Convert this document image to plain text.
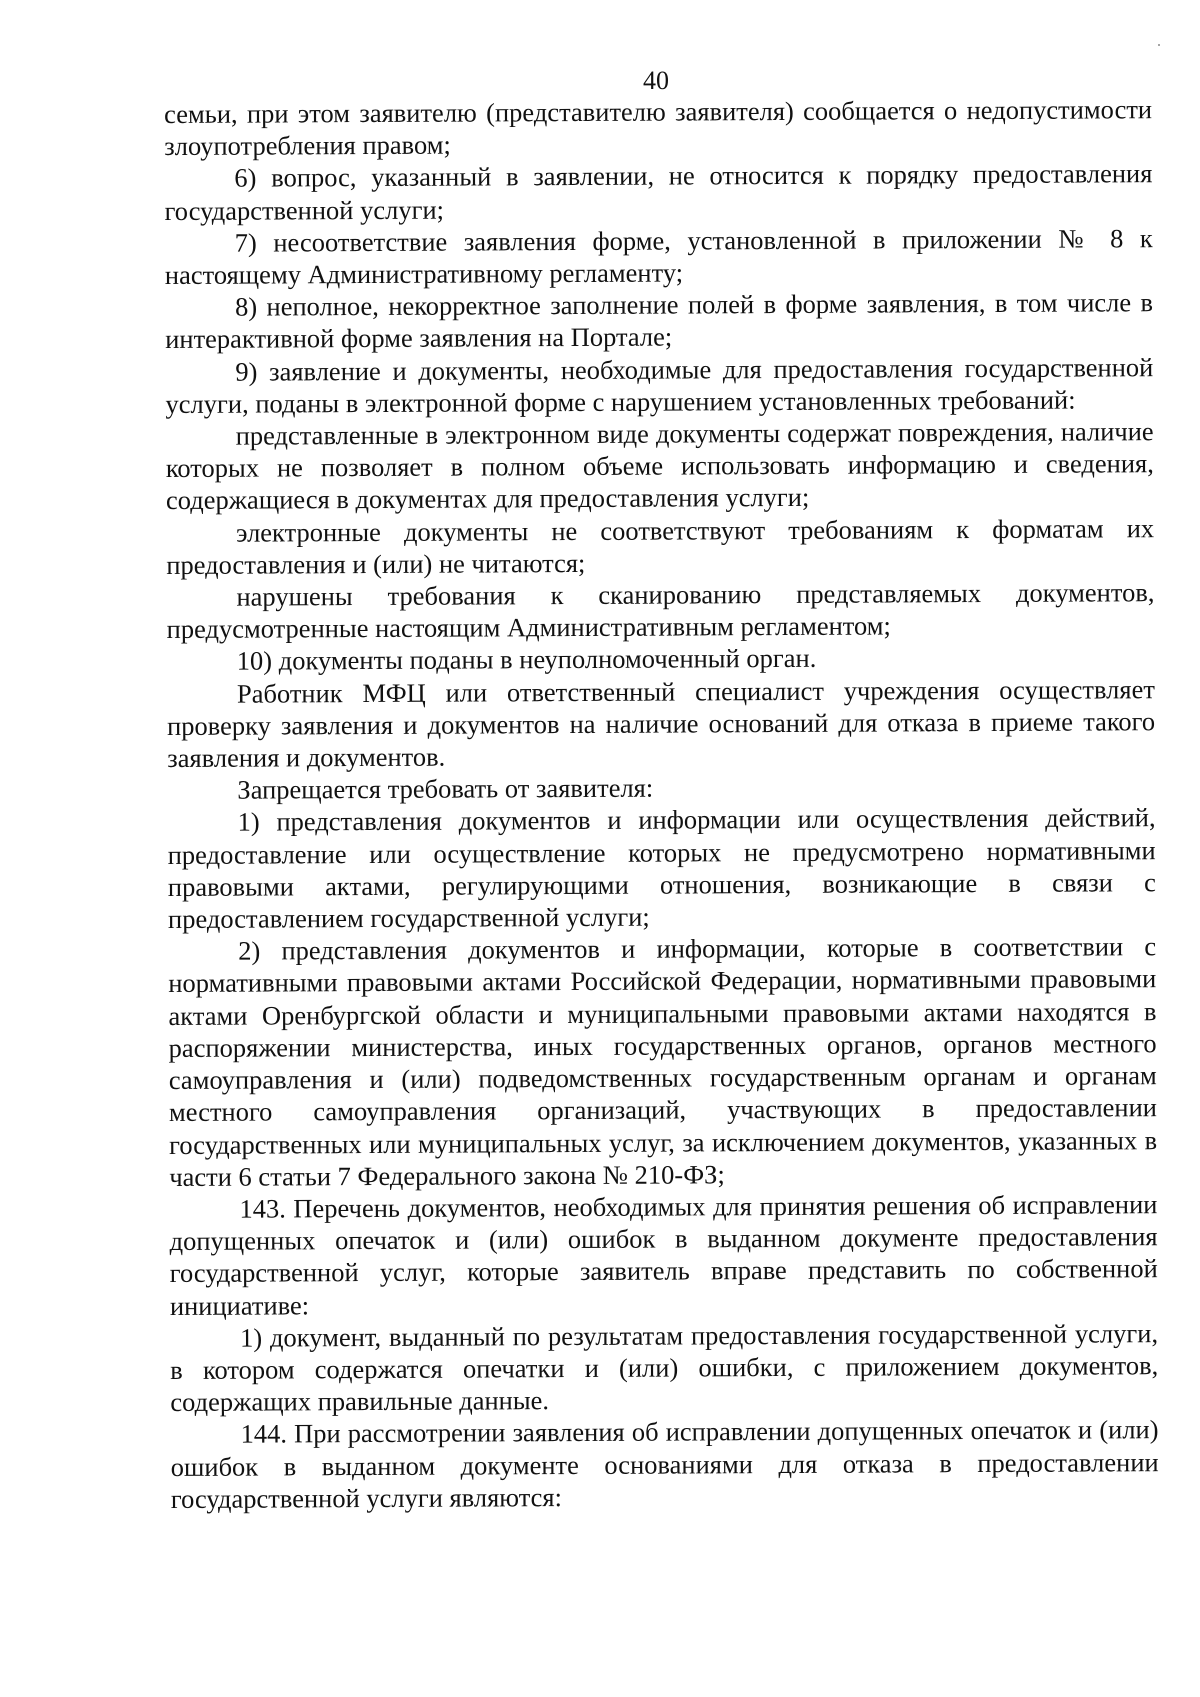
40

семьи, при этом заявителю (представителю заявителя) сообщается о недопустимости злоупотребления правом;

6) вопрос, указанный в заявлении, не относится к порядку предоставления государственной услуги;

7) несоответствие заявления форме, установленной в приложении № 8 к настоящему Административному регламенту;

8) неполное, некорректное заполнение полей в форме заявления, в том числе в интерактивной форме заявления на Портале;

9) заявление и документы, необходимые для предоставления государственной услуги, поданы в электронной форме с нарушением установленных требований:

представленные в электронном виде документы содержат повреждения, наличие которых не позволяет в полном объеме использовать информацию и сведения, содержащиеся в документах для предоставления услуги;

электронные документы не соответствуют требованиям к форматам их предоставления и (или) не читаются;

нарушены требования к сканированию представляемых документов, предусмотренные настоящим Административным регламентом;

10) документы поданы в неуполномоченный орган.

Работник МФЦ или ответственный специалист учреждения осуществляет проверку заявления и документов на наличие оснований для отказа в приеме такого заявления и документов.

Запрещается требовать от заявителя:

1) представления документов и информации или осуществления действий, предоставление или осуществление которых не предусмотрено нормативными правовыми актами, регулирующими отношения, возникающие в связи с предоставлением государственной услуги;

2) представления документов и информации, которые в соответствии с нормативными правовыми актами Российской Федерации, нормативными правовыми актами Оренбургской области и муниципальными правовыми актами находятся в распоряжении министерства, иных государственных органов, органов местного самоуправления и (или) подведомственных государственным органам и органам местного самоуправления организаций, участвующих в предоставлении государственных или муниципальных услуг, за исключением документов, указанных в части 6 статьи 7 Федерального закона № 210-ФЗ;

143. Перечень документов, необходимых для принятия решения об исправлении допущенных опечаток и (или) ошибок в выданном документе предоставления государственной услуг, которые заявитель вправе представить по собственной инициативе:

1) документ, выданный по результатам предоставления государственной услуги, в котором содержатся опечатки и (или) ошибки, с приложением документов, содержащих правильные данные.

144. При рассмотрении заявления об исправлении допущенных опечаток и (или) ошибок в выданном документе основаниями для отказа в предоставлении государственной услуги являются:
